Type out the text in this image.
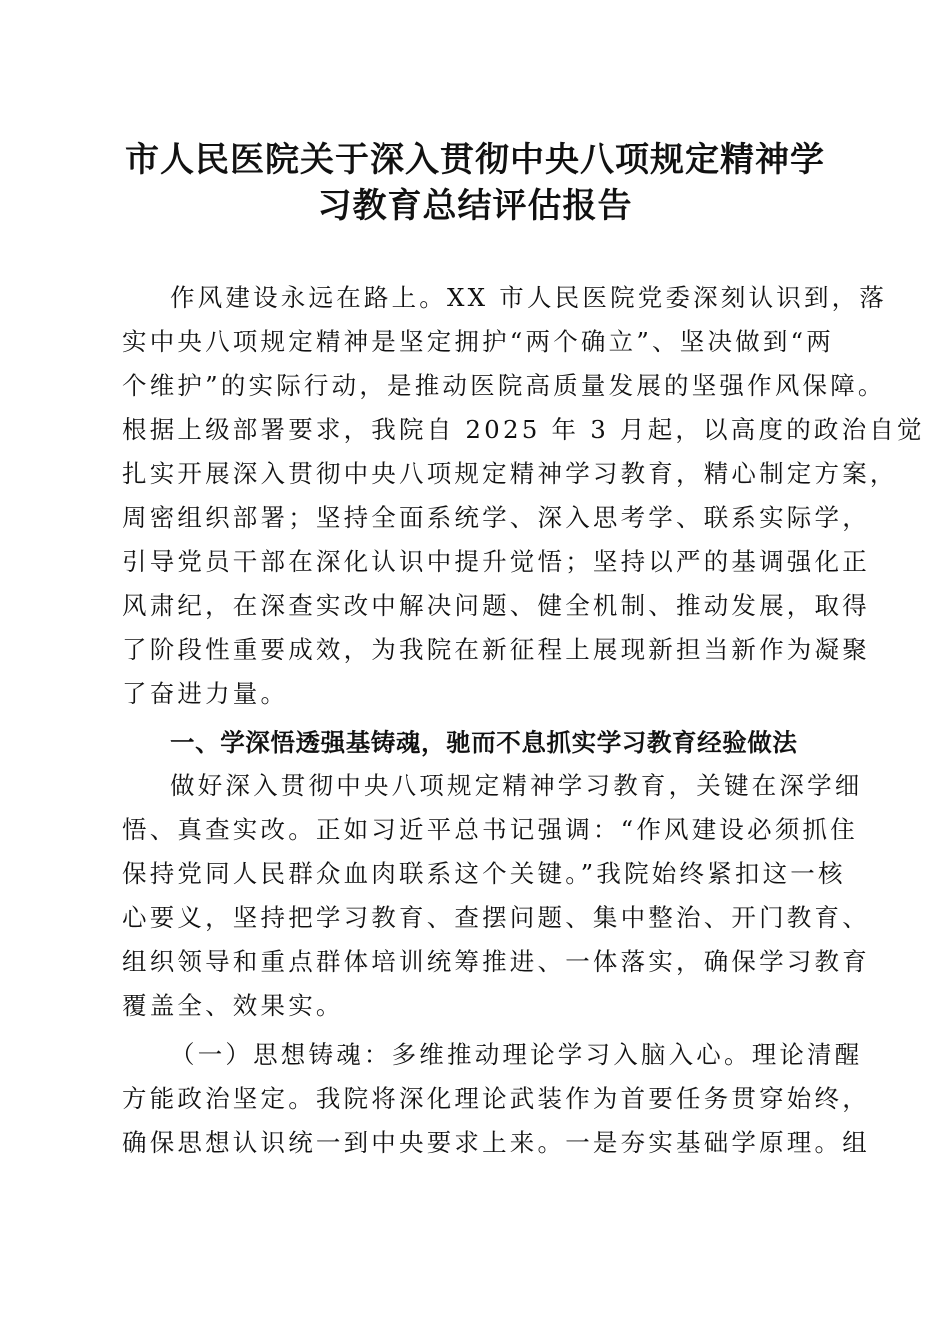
市人民医院关于深入贯彻中央八项规定精神学
习教育总结评估报告
作风建设永远在路上。XX 市人民医院党委深刻认识到，落
实中央八项规定精神是坚定拥护“两个确立”、坚决做到“两
个维护”的实际行动，是推动医院高质量发展的坚强作风保障。
根据上级部署要求，我院自 2025 年 3 月起，以高度的政治自觉
扎实开展深入贯彻中央八项规定精神学习教育，精心制定方案，
周密组织部署；坚持全面系统学、深入思考学、联系实际学，
引导党员干部在深化认识中提升觉悟；坚持以严的基调强化正
风肃纪，在深查实改中解决问题、健全机制、推动发展，取得
了阶段性重要成效，为我院在新征程上展现新担当新作为凝聚
了奋进力量。
一、学深悟透强基铸魂，驰而不息抓实学习教育经验做法
做好深入贯彻中央八项规定精神学习教育，关键在深学细
悟、真查实改。正如习近平总书记强调：“作风建设必须抓住
保持党同人民群众血肉联系这个关键。”我院始终紧扣这一核
心要义，坚持把学习教育、查摆问题、集中整治、开门教育、
组织领导和重点群体培训统筹推进、一体落实，确保学习教育
覆盖全、效果实。
（一）思想铸魂：多维推动理论学习入脑入心。理论清醒
方能政治坚定。我院将深化理论武装作为首要任务贯穿始终，
确保思想认识统一到中央要求上来。一是夯实基础学原理。组
